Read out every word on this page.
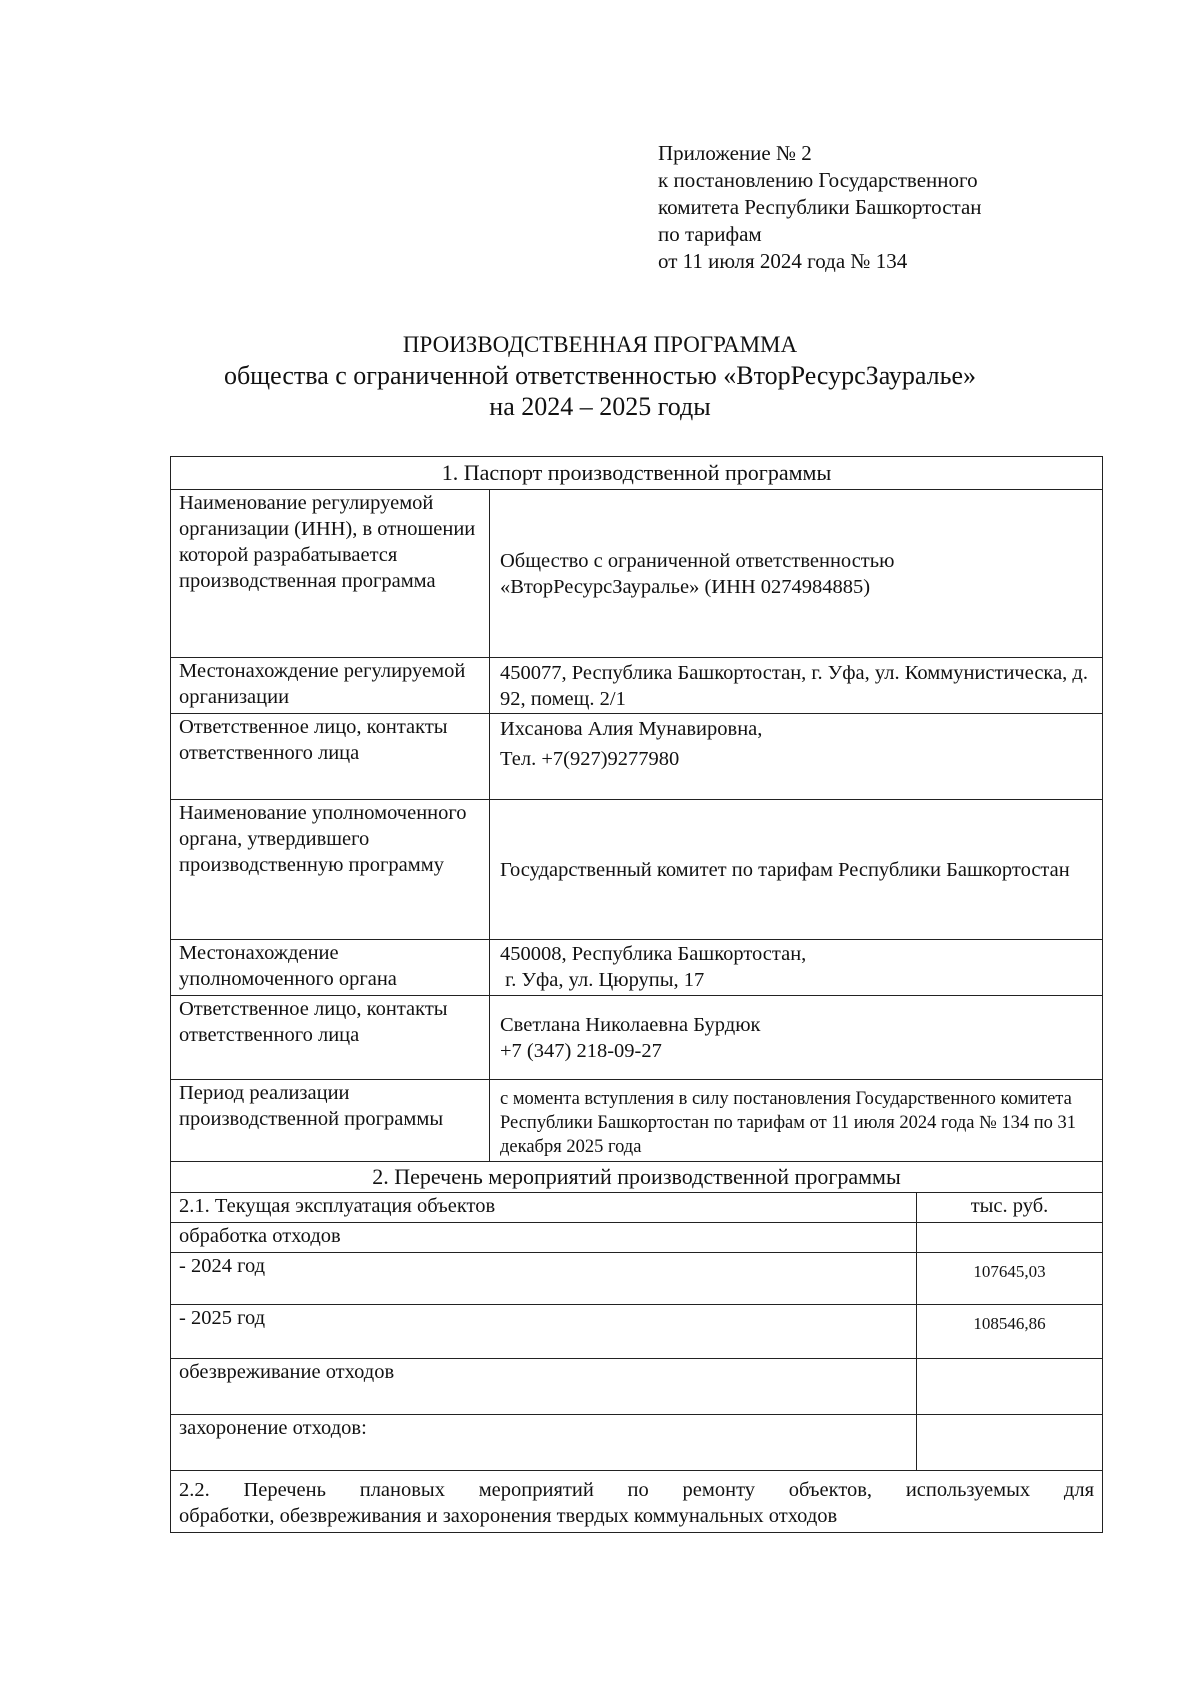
Приложение № 2
к постановлению Государственного
комитета Республики Башкортостан
по тарифам
от 11 июля 2024 года № 134
ПРОИЗВОДСТВЕННАЯ ПРОГРАММА
общества с ограниченной ответственностью «ВторРесурсЗауралье»
на 2024 – 2025 годы
1. Паспорт производственной программы		
Наименование регулируемой организации (ИНН), в отношении которой разрабатывается производственная программа	Общество с ограниченной ответственностью «ВторРесурсЗауралье» (ИНН 0274984885)	
Местонахождение регулируемой организации	450077, Республика Башкортостан, г. Уфа, ул. Коммунистическа, д. 92, помещ. 2/1	
Ответственное лицо, контакты ответственного лица	Ихсанова Алия Мунавировна,
Тел. +7(927)9277980	

Наименование уполномоченного органа, утвердившего производственную программу	Государственный комитет по тарифам Республики Башкортостан	
Местонахождение уполномоченного органа	450008, Республика Башкортостан,
г. Уфа, ул. Цюрупы, 17	

Ответственное лицо, контакты ответственного лица	Светлана Николаевна Бурдюк
+7 (347) 218-09-27	

Период реализации производственной программы	с момента вступления в силу постановления Государственного комитета Республики Башкортостан по тарифам от 11 июля 2024 года № 134 по 31 декабря 2025 года	
2. Перечень мероприятий производственной программы		
2.1. Текущая эксплуатация объектов		тыс. руб.
обработка отходов		
- 2024 год		107645,03
- 2025 год		108546,86
обезвреживание отходов		
захоронение отходов:		

2.2. Перечень плановых мероприятий по ремонту объектов, используемых для
обработки, обезвреживания и захоронения твердых коммунальных отходов		
